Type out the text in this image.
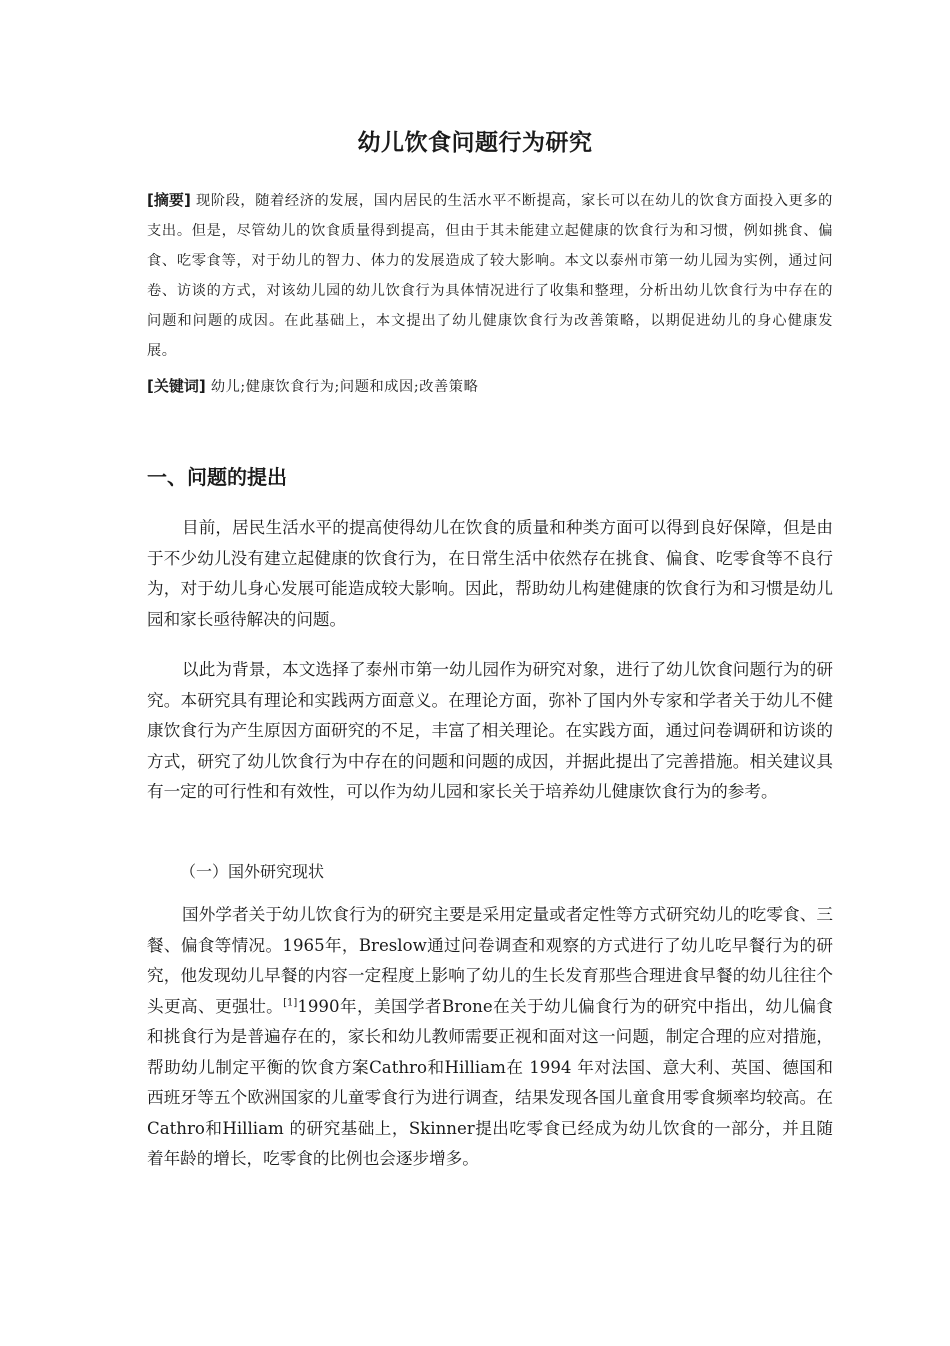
幼儿饮食问题行为研究
[摘要] 现阶段，随着经济的发展，国内居民的生活水平不断提高，家长可以在幼儿的饮食方面投入更多的支出。但是，尽管幼儿的饮食质量得到提高，但由于其未能建立起健康的饮食行为和习惯，例如挑食、偏食、吃零食等，对于幼儿的智力、体力的发展造成了较大影响。本文以泰州市第一幼儿园为实例，通过问卷、访谈的方式，对该幼儿园的幼儿饮食行为具体情况进行了收集和整理，分析出幼儿饮食行为中存在的问题和问题的成因。在此基础上，本文提出了幼儿健康饮食行为改善策略，以期促进幼儿的身心健康发展。
[关键词] 幼儿;健康饮食行为;问题和成因;改善策略
一、问题的提出

目前，居民生活水平的提高使得幼儿在饮食的质量和种类方面可以得到良好保障，但是由于不少幼儿没有建立起健康的饮食行为，在日常生活中依然存在挑食、偏食、吃零食等不良行为，对于幼儿身心发展可能造成较大影响。因此，帮助幼儿构建健康的饮食行为和习惯是幼儿园和家长亟待解决的问题。

以此为背景，本文选择了泰州市第一幼儿园作为研究对象，进行了幼儿饮食问题行为的研究。本研究具有理论和实践两方面意义。在理论方面，弥补了国内外专家和学者关于幼儿不健康饮食行为产生原因方面研究的不足，丰富了相关理论。在实践方面，通过问卷调研和访谈的方式，研究了幼儿饮食行为中存在的问题和问题的成因，并据此提出了完善措施。相关建议具有一定的可行性和有效性，可以作为幼儿园和家长关于培养幼儿健康饮食行为的参考。

（一）国外研究现状

国外学者关于幼儿饮食行为的研究主要是采用定量或者定性等方式研究幼儿的吃零食、三餐、偏食等情况。1965年，Breslow通过问卷调查和观察的方式进行了幼儿吃早餐行为的研究，他发现幼儿早餐的内容一定程度上影响了幼儿的生长发育那些合理进食早餐的幼儿往往个头更高、更强壮。[1]1990年，美国学者Brone在关于幼儿偏食行为的研究中指出，幼儿偏食和挑食行为是普遍存在的，家长和幼儿教师需要正视和面对这一问题，制定合理的应对措施，帮助幼儿制定平衡的饮食方案Cathro和Hilliam在 1994 年对法国、意大利、英国、德国和西班牙等五个欧洲国家的儿童零食行为进行调查，结果发现各国儿童食用零食频率均较高。在Cathro和Hilliam 的研究基础上，Skinner提出吃零食已经成为幼儿饮食的一部分，并且随着年龄的增长，吃零食的比例也会逐步增多。
